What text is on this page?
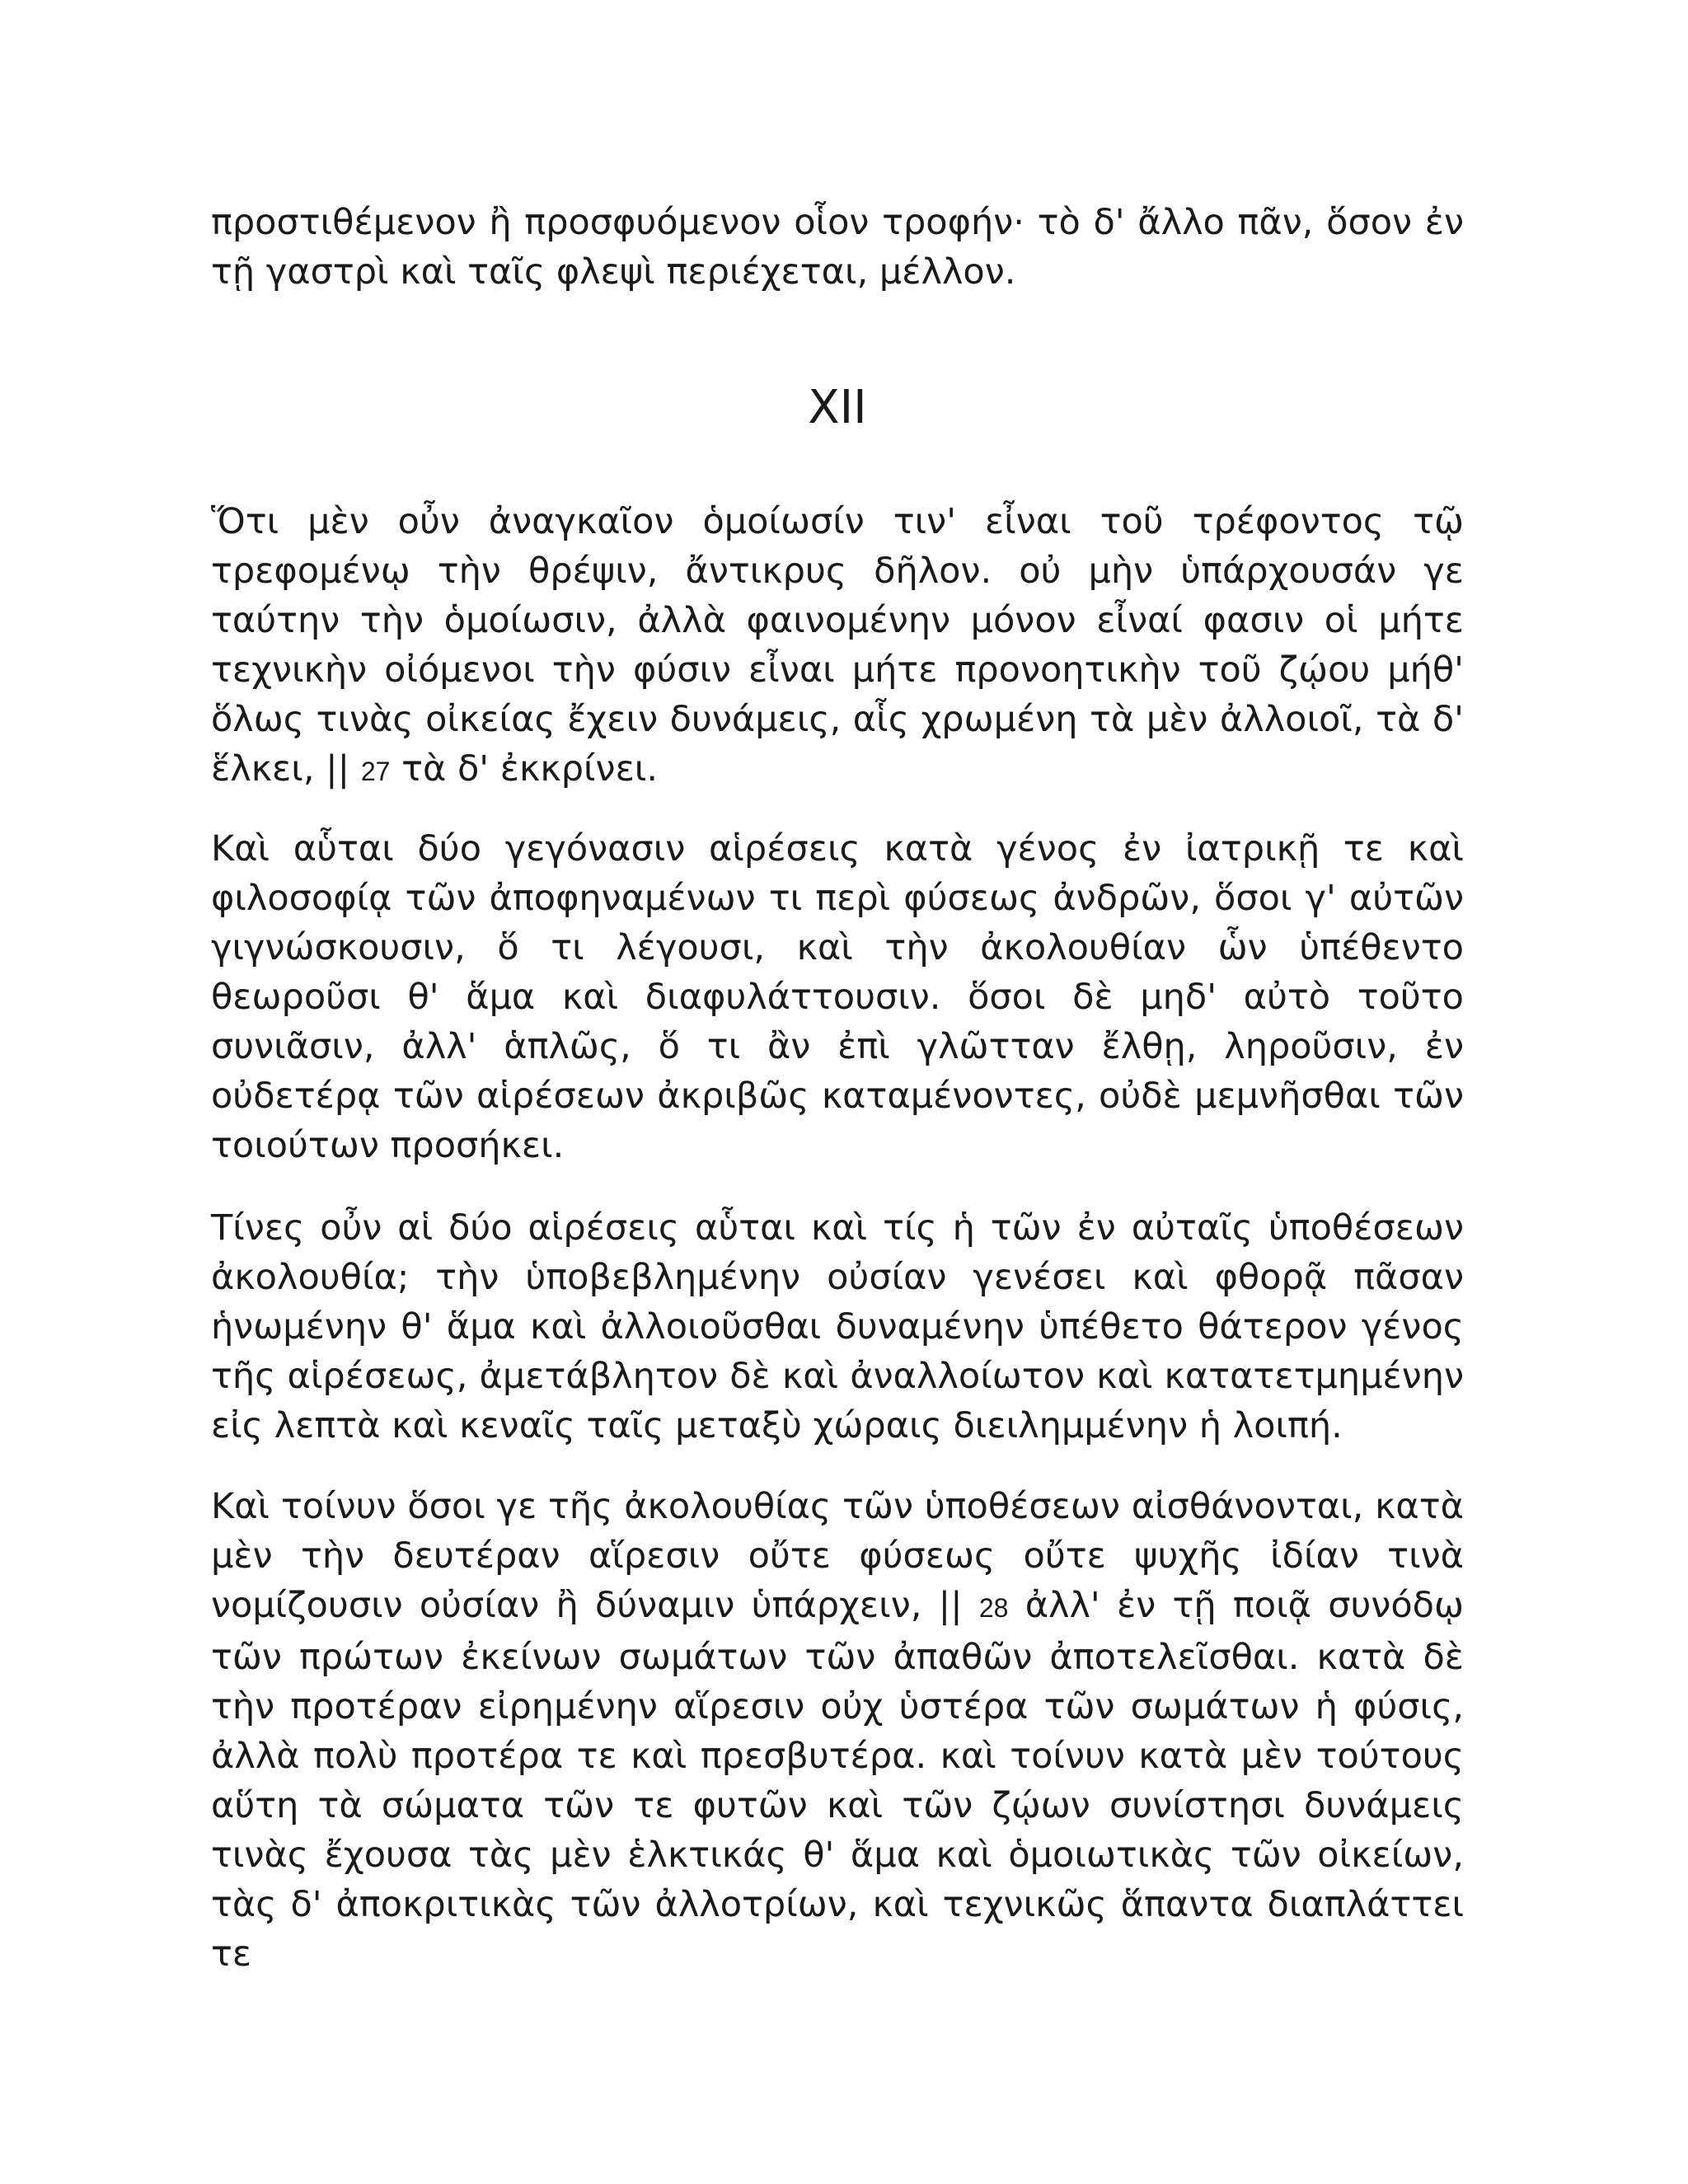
προστιθέμενον ἢ προσφυόμενον οἷον τροφήν· τὸ δ' ἄλλο πᾶν, ὅσον ἐν τῇ γαστρὶ καὶ ταῖς φλεψὶ περιέχεται, μέλλον.

XII

Ὅτι μὲν οὖν ἀναγκαῖον ὁμοίωσίν τιν' εἶναι τοῦ τρέφοντος τῷ τρεφομένῳ τὴν θρέψιν, ἄντικρυς δῆλον. οὐ μὴν ὑπάρχουσάν γε ταύτην τὴν ὁμοίωσιν, ἀλλὰ φαινομένην μόνον εἶναί φασιν οἱ μήτε τεχνικὴν οἰόμενοι τὴν φύσιν εἶναι μήτε προνοητικὴν τοῦ ζῴου μήθ' ὅλως τινὰς οἰκείας ἔχειν δυνάμεις, αἷς χρωμένη τὰ μὲν ἀλλοιοῖ, τὰ δ' ἕλκει, || 27 τὰ δ' ἐκκρίνει.

Καὶ αὗται δύο γεγόνασιν αἱρέσεις κατὰ γένος ἐν ἰατρικῇ τε καὶ φιλοσοφίᾳ τῶν ἀποφηναμένων τι περὶ φύσεως ἀνδρῶν, ὅσοι γ' αὐτῶν γιγνώσκουσιν, ὅ τι λέγουσι, καὶ τὴν ἀκολουθίαν ὧν ὑπέθεντο θεωροῦσι θ' ἅμα καὶ διαφυλάττουσιν. ὅσοι δὲ μηδ' αὐτὸ τοῦτο συνιᾶσιν, ἀλλ' ἁπλῶς, ὅ τι ἂν ἐπὶ γλῶτταν ἔλθῃ, ληροῦσιν, ἐν οὐδετέρᾳ τῶν αἱρέσεων ἀκριβῶς καταμένοντες, οὐδὲ μεμνῆσθαι τῶν τοιούτων προσήκει.

Τίνες οὖν αἱ δύο αἱρέσεις αὗται καὶ τίς ἡ τῶν ἐν αὐταῖς ὑποθέσεων ἀκολουθία; τὴν ὑποβεβλημένην οὐσίαν γενέσει καὶ φθορᾷ πᾶσαν ἡνωμένην θ' ἅμα καὶ ἀλλοιοῦσθαι δυναμένην ὑπέθετο θάτερον γένος τῆς αἱρέσεως, ἀμετάβλητον δὲ καὶ ἀναλλοίωτον καὶ κατατετμημένην εἰς λεπτὰ καὶ κεναῖς ταῖς μεταξὺ χώραις διειλημμένην ἡ λοιπή.

Καὶ τοίνυν ὅσοι γε τῆς ἀκολουθίας τῶν ὑποθέσεων αἰσθάνονται, κατὰ μὲν τὴν δευτέραν αἵρεσιν οὔτε φύσεως οὔτε ψυχῆς ἰδίαν τινὰ νομίζουσιν οὐσίαν ἢ δύναμιν ὑπάρχειν, || 28 ἀλλ' ἐν τῇ ποιᾷ συνόδῳ τῶν πρώτων ἐκείνων σωμάτων τῶν ἀπαθῶν ἀποτελεῖσθαι. κατὰ δὲ τὴν προτέραν εἰρημένην αἵρεσιν οὐχ ὑστέρα τῶν σωμάτων ἡ φύσις, ἀλλὰ πολὺ προτέρα τε καὶ πρεσβυτέρα. καὶ τοίνυν κατὰ μὲν τούτους αὕτη τὰ σώματα τῶν τε φυτῶν καὶ τῶν ζῴων συνίστησι δυνάμεις τινὰς ἔχουσα τὰς μὲν ἑλκτικάς θ' ἅμα καὶ ὁμοιωτικὰς τῶν οἰκείων, τὰς δ' ἀποκριτικὰς τῶν ἀλλοτρίων, καὶ τεχνικῶς ἅπαντα διαπλάττει τε
